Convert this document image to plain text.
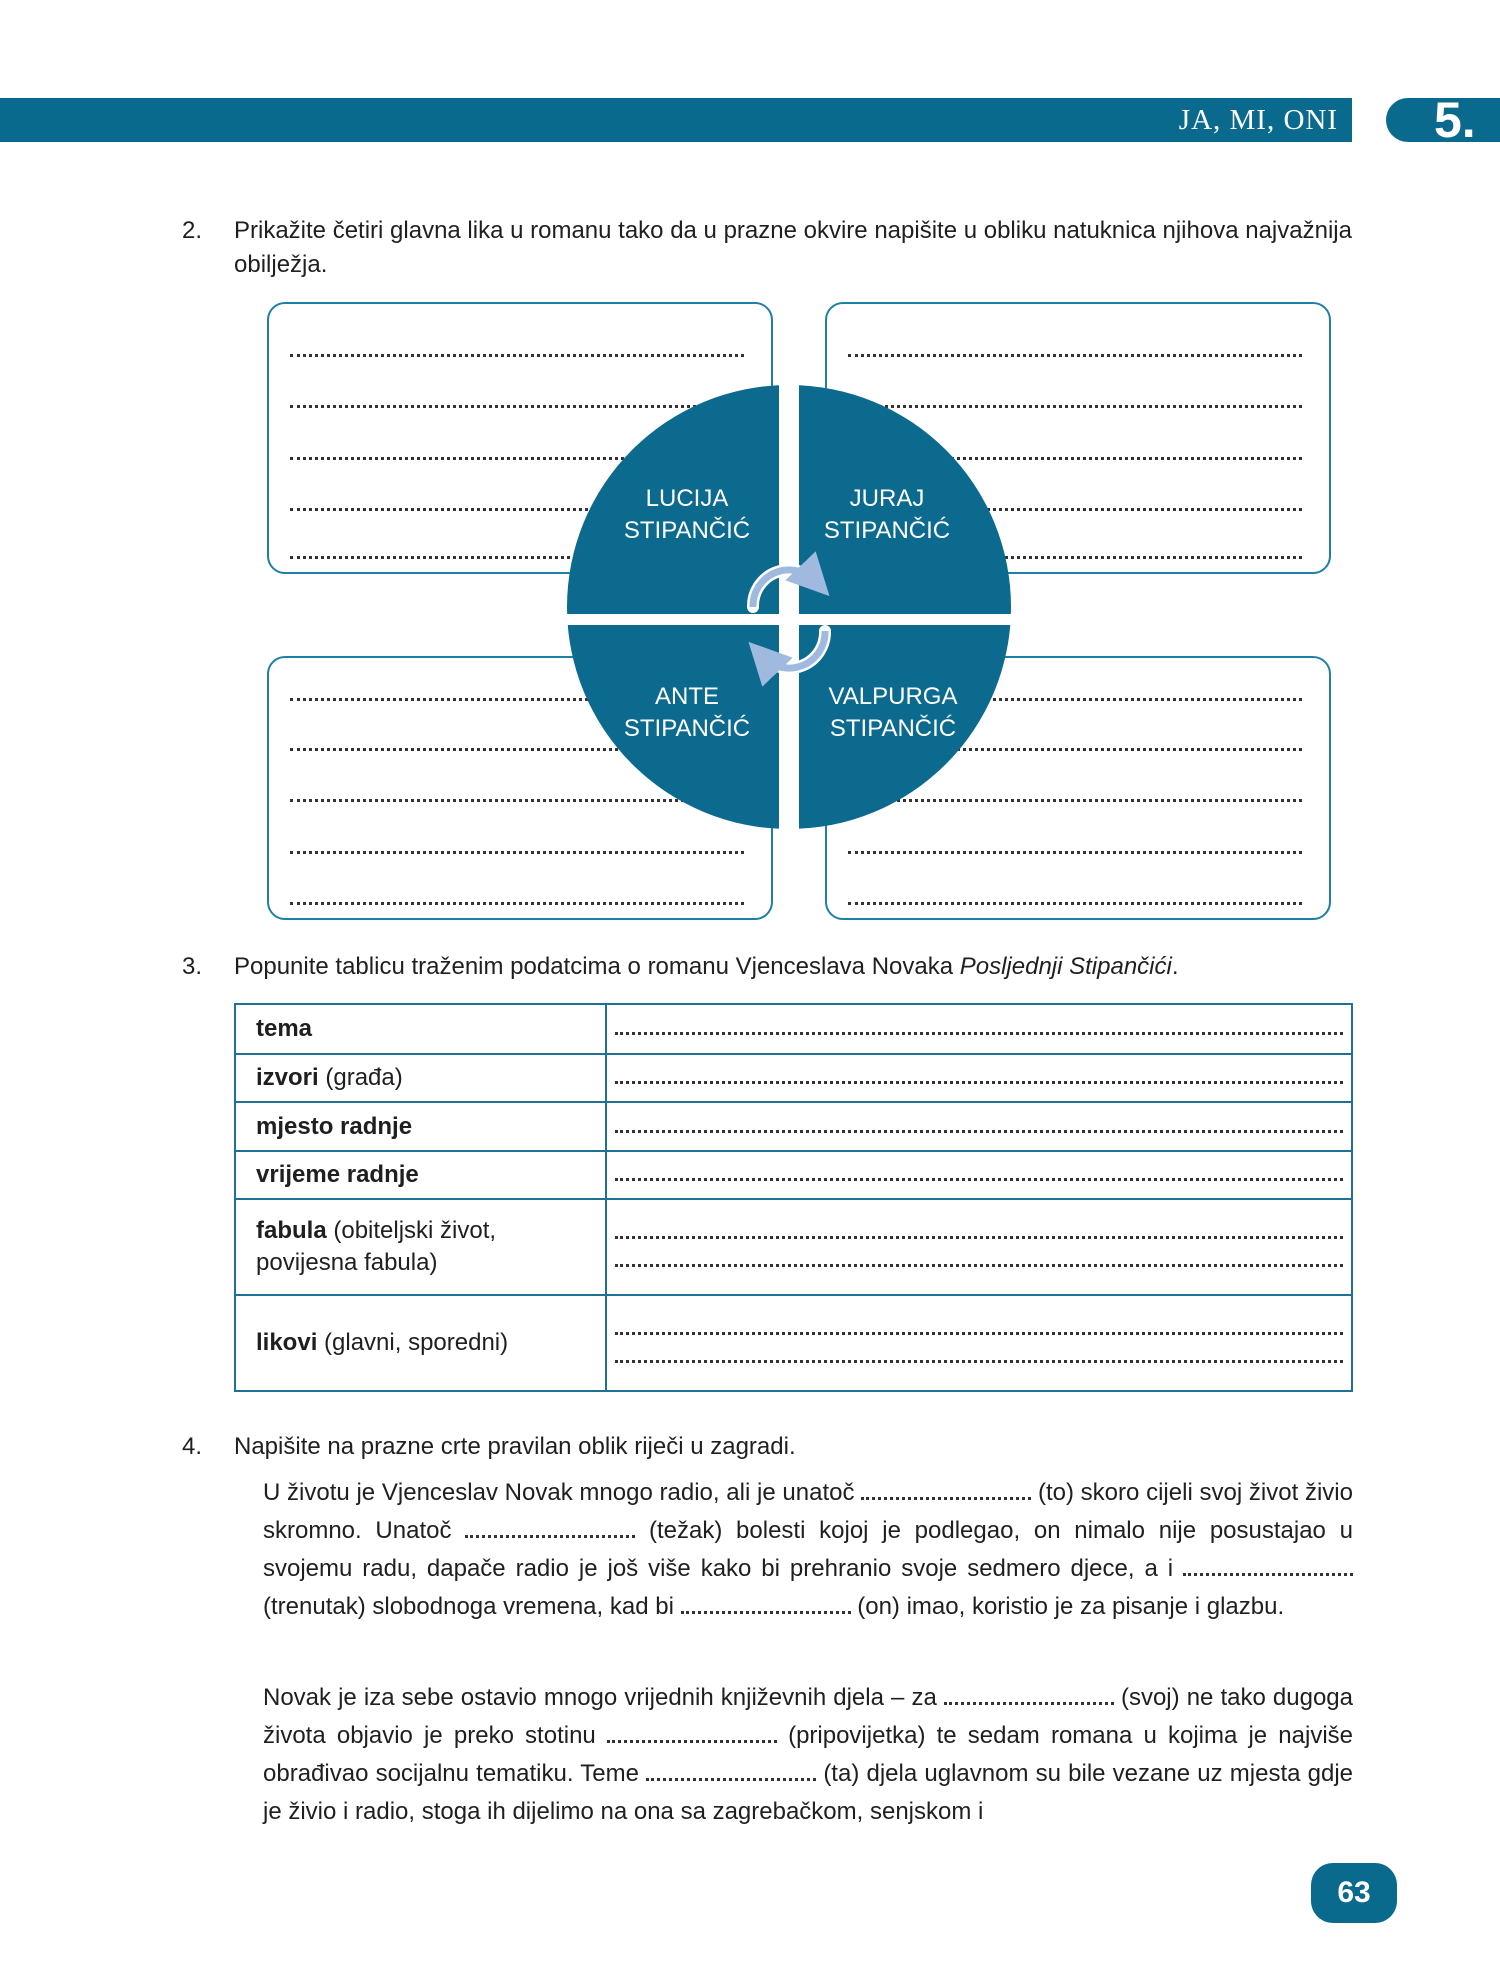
JA, MI, ONI 5.
2. Prikažite četiri glavna lika u romanu tako da u prazne okvire napišite u obliku natuknica njihova najvažnija obilježja.
LUCIJA
STIPANČIĆ
JURAJ
STIPANČIĆ
ANTE
STIPANČIĆ
VALPURGA
STIPANČIĆ
3. Popunite tablicu traženim podatcima o romanu Vjenceslava Novaka Posljednji Stipančići.
tema	

izvori (građa)	

mjesto radnje	

vrijeme radnje	

fabula (obiteljski život, povijesna fabula)	

likovi (glavni, sporedni)	
4. Napišite na prazne crte pravilan oblik riječi u zagradi.

U životu je Vjenceslav Novak mnogo radio, ali je unatoč	(to) skoro cijeli svoj život živio skromno. Unatoč	(težak) bolesti kojoj je podlegao, on nimalo nije posustajao u svojemu radu, dapače radio je još više kako bi prehranio svoje sedmero djece, a i  (trenutak) slobodnoga vremena, kad bi	(on) imao, koristio je za pisanje i glazbu.

Novak je iza sebe ostavio mnogo vrijednih književnih djela – za	(svoj) ne tako dugoga života objavio je preko stotinu	(pripovijetka) te sedam romana u kojima je najviše obrađivao socijalnu tematiku. Teme	(ta) djela uglavnom su bile vezane uz mjesta gdje je živio i radio, stoga ih dijelimo na ona sa zagrebačkom, senjskom i

63
